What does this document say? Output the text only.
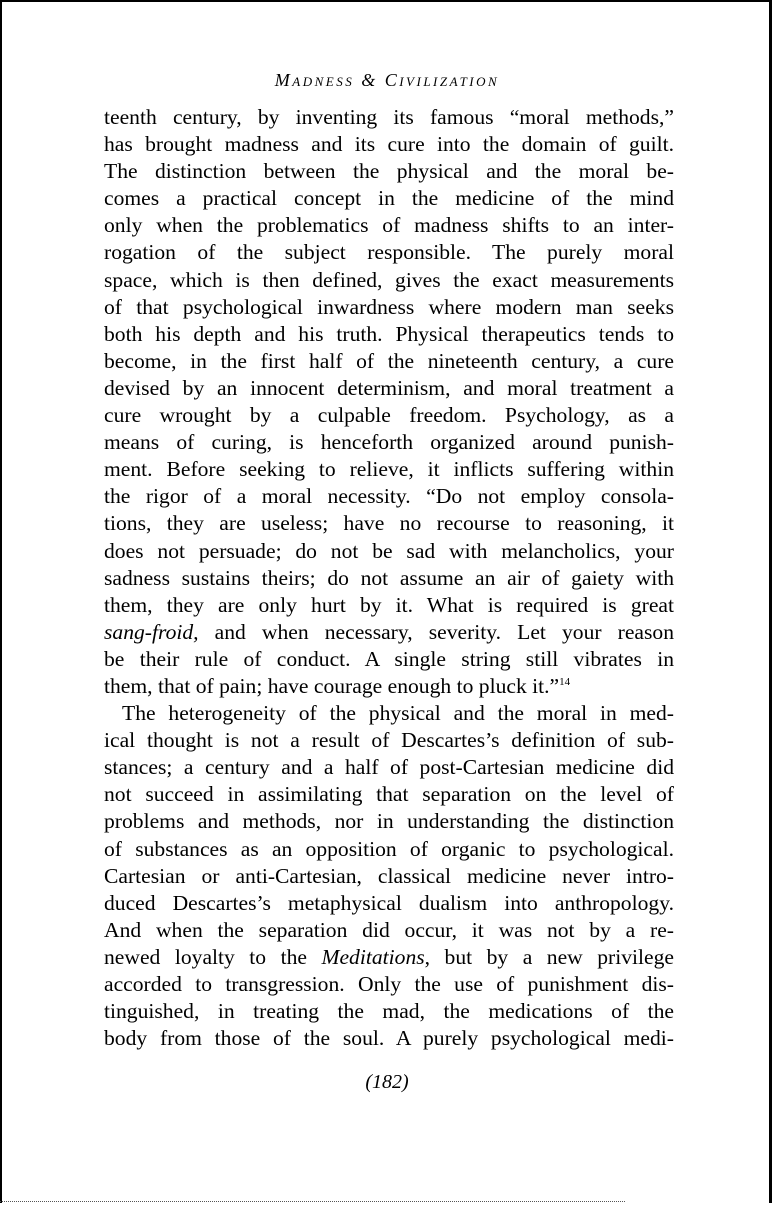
Madness & Civilization
teenth century, by inventing its famous “moral methods,”
has brought madness and its cure into the domain of guilt.
The distinction between the physical and the moral be-
comes a practical concept in the medicine of the mind
only when the problematics of madness shifts to an inter-
rogation of the subject responsible. The purely moral
space, which is then defined, gives the exact measurements
of that psychological inwardness where modern man seeks
both his depth and his truth. Physical therapeutics tends to
become, in the first half of the nineteenth century, a cure
devised by an innocent determinism, and moral treatment a
cure wrought by a culpable freedom. Psychology, as a
means of curing, is henceforth organized around punish-
ment. Before seeking to relieve, it inflicts suffering within
the rigor of a moral necessity. “Do not employ consola-
tions, they are useless; have no recourse to reasoning, it
does not persuade; do not be sad with melancholics, your
sadness sustains theirs; do not assume an air of gaiety with
them, they are only hurt by it. What is required is great
sang-froid, and when necessary, severity. Let your reason
be their rule of conduct. A single string still vibrates in
them, that of pain; have courage enough to pluck it.”$^{14}$
The heterogeneity of the physical and the moral in med-
ical thought is not a result of Descartes’s definition of sub-
stances; a century and a half of post-Cartesian medicine did
not succeed in assimilating that separation on the level of
problems and methods, nor in understanding the distinction
of substances as an opposition of organic to psychological.
Cartesian or anti-Cartesian, classical medicine never intro-
duced Descartes’s metaphysical dualism into anthropology.
And when the separation did occur, it was not by a re-
newed loyalty to the Meditations, but by a new privilege
accorded to transgression. Only the use of punishment dis-
tinguished, in treating the mad, the medications of the
body from those of the soul. A purely psychological medi-
(182)
